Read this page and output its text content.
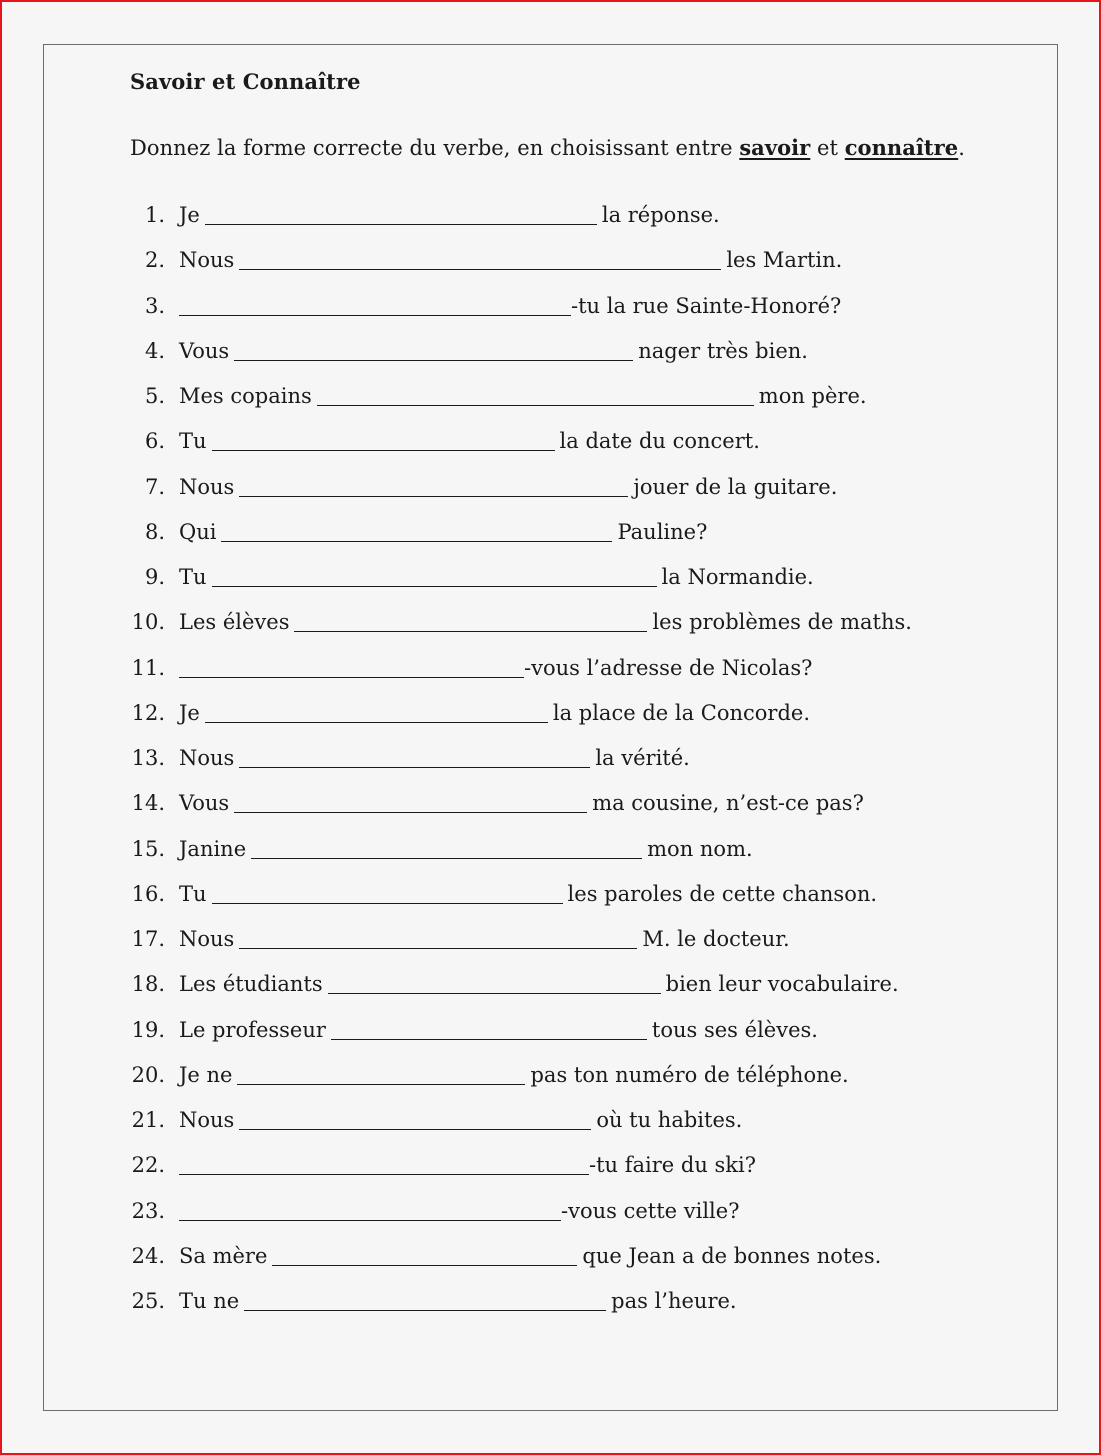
Savoir et Connaître
Donnez la forme correcte du verbe, en choisissant entre savoir et connaître.
1. Je	la réponse.
2. Nous	les Martin.
3.	-tu la rue Sainte-Honoré?
4. Vous	nager très bien.
5. Mes copains	mon père.
6. Tu	la date du concert.
7. Nous	jouer de la guitare.
8. Qui	Pauline?
9. Tu	la Normandie.
10. Les élèves	les problèmes de maths.
11.	-vous l’adresse de Nicolas?
12. Je	la place de la Concorde.
13. Nous	la vérité.
14. Vous	ma cousine, n’est-ce pas?
15. Janine	mon nom.
16. Tu	les paroles de cette chanson.
17. Nous	M. le docteur.
18. Les étudiants	bien leur vocabulaire.
19. Le professeur	tous ses élèves.
20. Je ne	pas ton numéro de téléphone.
21. Nous	où tu habites.
22.	-tu faire du ski?
23.	-vous cette ville?
24. Sa mère	que Jean a de bonnes notes.
25. Tu ne	pas l’heure.
